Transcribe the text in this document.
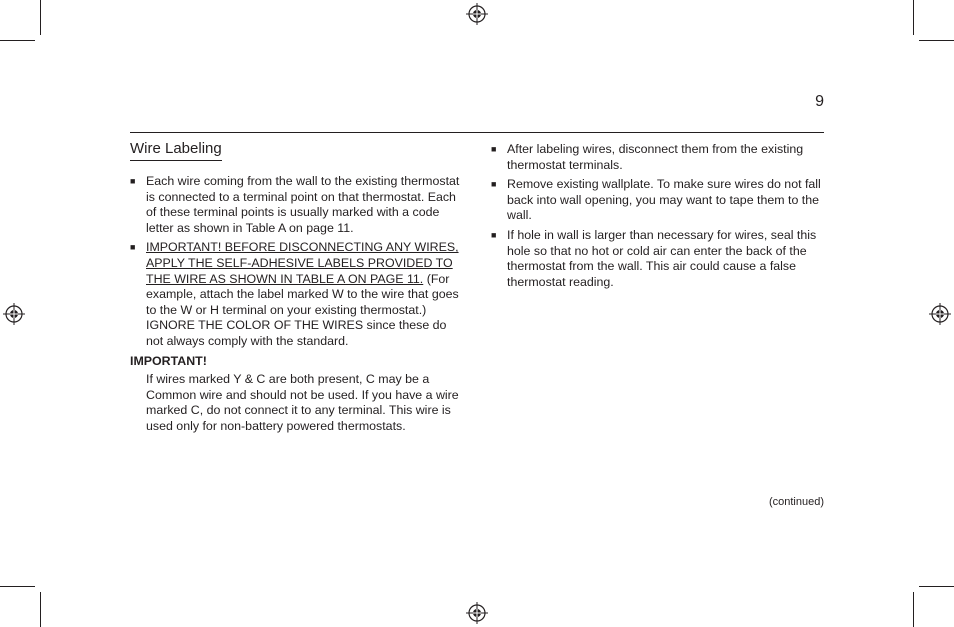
9
Wire Labeling
■ Each wire coming from the wall to the existing thermostat is connected to a terminal point on that thermostat. Each of these terminal points is usually marked with a code letter as shown in Table A on page 11.
■ IMPORTANT! BEFORE DISCONNECTING ANY WIRES, APPLY THE SELF-ADHESIVE LABELS PROVIDED TO THE WIRE AS SHOWN IN TABLE A ON PAGE 11. (For example, attach the label marked W to the wire that goes to the W or H terminal on your existing thermostat.) IGNORE THE COLOR OF THE WIRES since these do not always comply with the standard.
IMPORTANT!
If wires marked Y & C are both present, C may be a Common wire and should not be used. If you have a wire marked C, do not connect it to any terminal. This wire is used only for non-battery powered thermostats.
■ After labeling wires, disconnect them from the existing thermostat terminals.
■ Remove existing wallplate. To make sure wires do not fall back into wall opening, you may want to tape them to the wall.
■ If hole in wall is larger than necessary for wires, seal this hole so that no hot or cold air can enter the back of the thermostat from the wall. This air could cause a false thermostat reading.
(continued)
